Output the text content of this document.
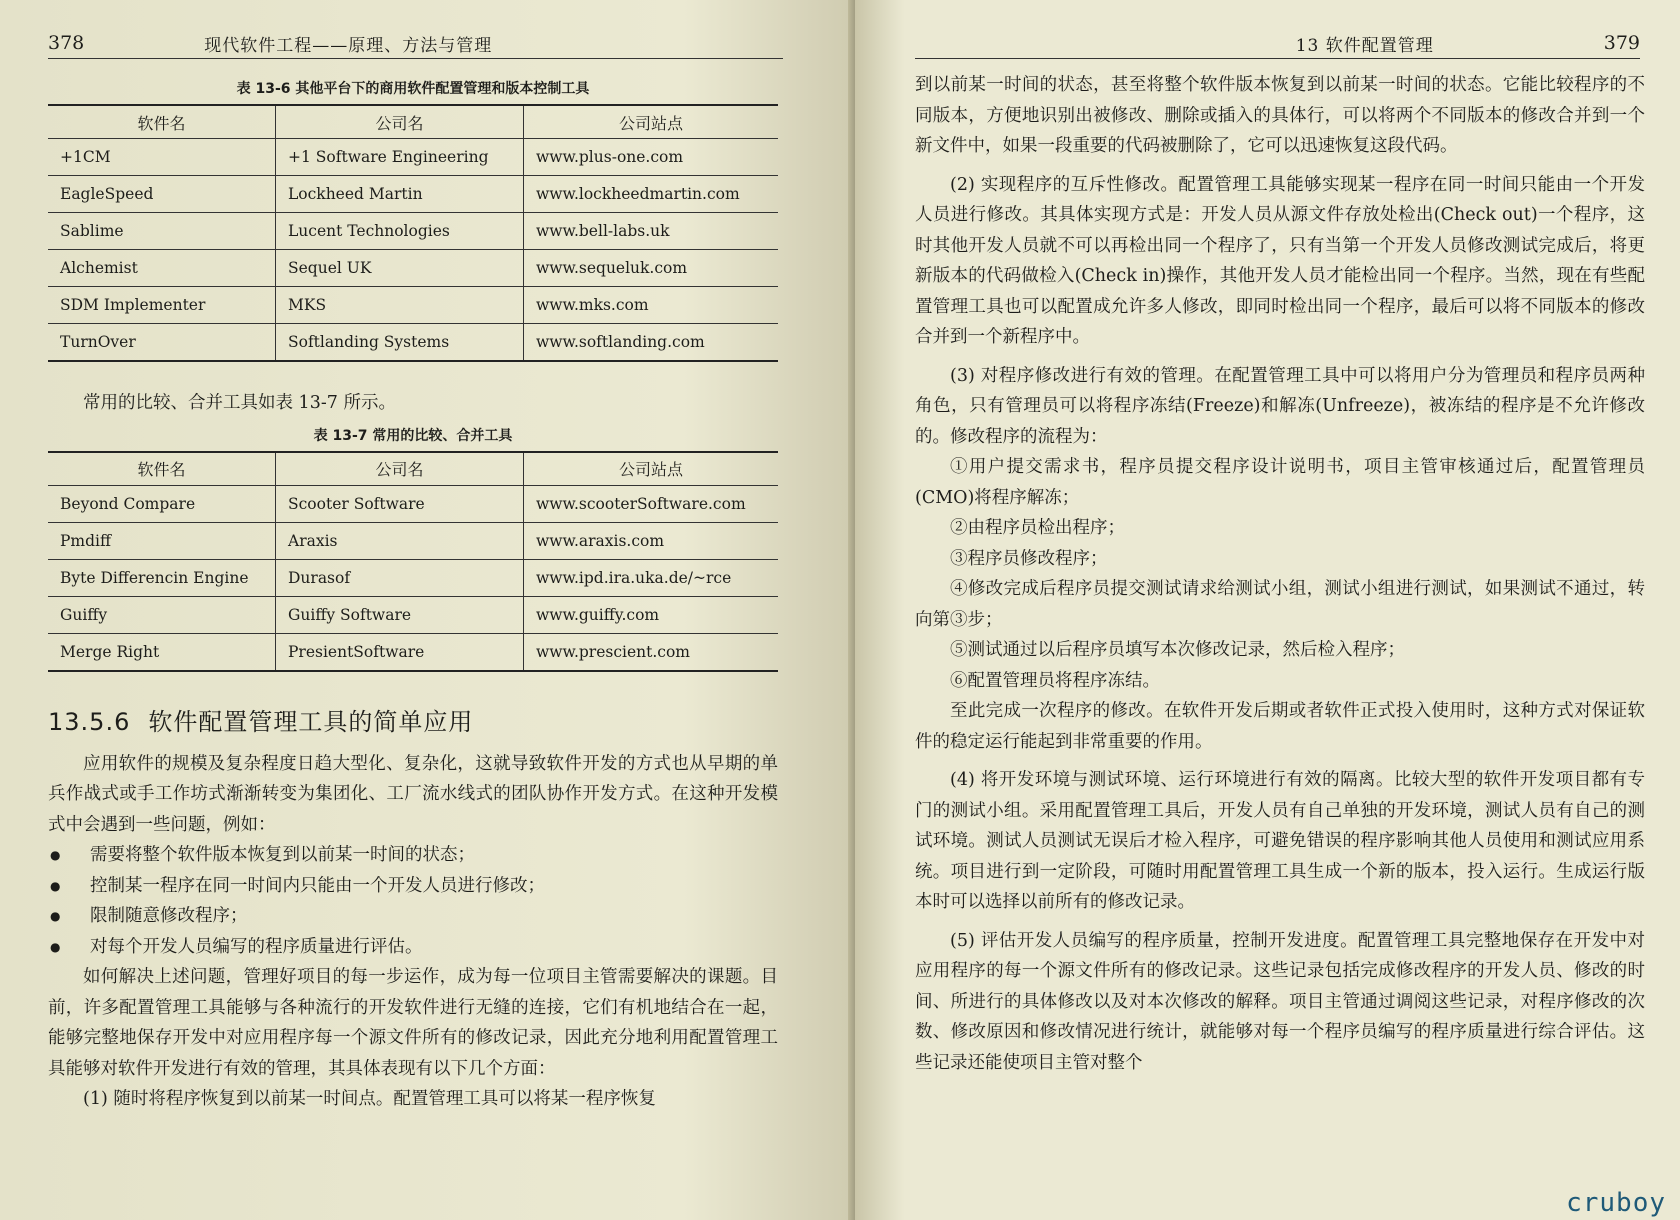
378	现代软件工程——原理、方法与管理
表 13-6 其他平台下的商用软件配置管理和版本控制工具
软件名	公司名	公司站点
+1CM	+1 Software Engineering	www.plus-one.com
EagleSpeed	Lockheed Martin	www.lockheedmartin.com
Sablime	Lucent Technologies	www.bell-labs.uk
Alchemist	Sequel UK	www.sequeluk.com
SDM Implementer	MKS	www.mks.com
TurnOver	Softlanding Systems	www.softlanding.com

常用的比较、合并工具如表 13-7 所示。

表 13-7 常用的比较、合并工具
软件名	公司名	公司站点
Beyond Compare	Scooter Software	www.scooterSoftware.com
Pmdiff	Araxis	www.araxis.com
Byte Differencin Engine	Durasof	www.ipd.ira.uka.de/~rce
Guiffy	Guiffy Software	www.guiffy.com
Merge Right	PresientSoftware	www.prescient.com
13.5.6 软件配置管理工具的简单应用

应用软件的规模及复杂程度日趋大型化、复杂化，这就导致软件开发的方式也从早期的单兵作战式或手工作坊式渐渐转变为集团化、工厂流水线式的团队协作开发方式。在这种开发模式中会遇到一些问题，例如：

● 需要将整个软件版本恢复到以前某一时间的状态；
● 控制某一程序在同一时间内只能由一个开发人员进行修改；
● 限制随意修改程序；
● 对每个开发人员编写的程序质量进行评估。

如何解决上述问题，管理好项目的每一步运作，成为每一位项目主管需要解决的课题。目前，许多配置管理工具能够与各种流行的开发软件进行无缝的连接，它们有机地结合在一起，能够完整地保存开发中对应用程序每一个源文件所有的修改记录，因此充分地利用配置管理工具能够对软件开发进行有效的管理，其具体表现有以下几个方面：

(1) 随时将程序恢复到以前某一时间点。配置管理工具可以将某一程序恢复

13 软件配置管理	379

到以前某一时间的状态，甚至将整个软件版本恢复到以前某一时间的状态。它能比较程序的不同版本，方便地识别出被修改、删除或插入的具体行，可以将两个不同版本的修改合并到一个新文件中，如果一段重要的代码被删除了，它可以迅速恢复这段代码。

(2) 实现程序的互斥性修改。配置管理工具能够实现某一程序在同一时间只能由一个开发人员进行修改。其具体实现方式是：开发人员从源文件存放处检出(Check out)一个程序，这时其他开发人员就不可以再检出同一个程序了，只有当第一个开发人员修改测试完成后，将更新版本的代码做检入(Check in)操作，其他开发人员才能检出同一个程序。当然，现在有些配置管理工具也可以配置成允许多人修改，即同时检出同一个程序，最后可以将不同版本的修改合并到一个新程序中。

(3) 对程序修改进行有效的管理。在配置管理工具中可以将用户分为管理员和程序员两种角色，只有管理员可以将程序冻结(Freeze)和解冻(Unfreeze)，被冻结的程序是不允许修改的。修改程序的流程为：

①用户提交需求书，程序员提交程序设计说明书，项目主管审核通过后，配置管理员(CMO)将程序解冻；

②由程序员检出程序；

③程序员修改程序；

④修改完成后程序员提交测试请求给测试小组，测试小组进行测试，如果测试不通过，转向第③步；

⑤测试通过以后程序员填写本次修改记录，然后检入程序；

⑥配置管理员将程序冻结。

至此完成一次程序的修改。在软件开发后期或者软件正式投入使用时，这种方式对保证软件的稳定运行能起到非常重要的作用。

(4) 将开发环境与测试环境、运行环境进行有效的隔离。比较大型的软件开发项目都有专门的测试小组。采用配置管理工具后，开发人员有自己单独的开发环境，测试人员有自己的测试环境。测试人员测试无误后才检入程序，可避免错误的程序影响其他人员使用和测试应用系统。项目进行到一定阶段，可随时用配置管理工具生成一个新的版本，投入运行。生成运行版本时可以选择以前所有的修改记录。

(5) 评估开发人员编写的程序质量，控制开发进度。配置管理工具完整地保存在开发中对应用程序的每一个源文件所有的修改记录。这些记录包括完成修改程序的开发人员、修改的时间、所进行的具体修改以及对本次修改的解释。项目主管通过调阅这些记录，对程序修改的次数、修改原因和修改情况进行统计，就能够对每一个程序员编写的程序质量进行综合评估。这些记录还能使项目主管对整个

cruboy
